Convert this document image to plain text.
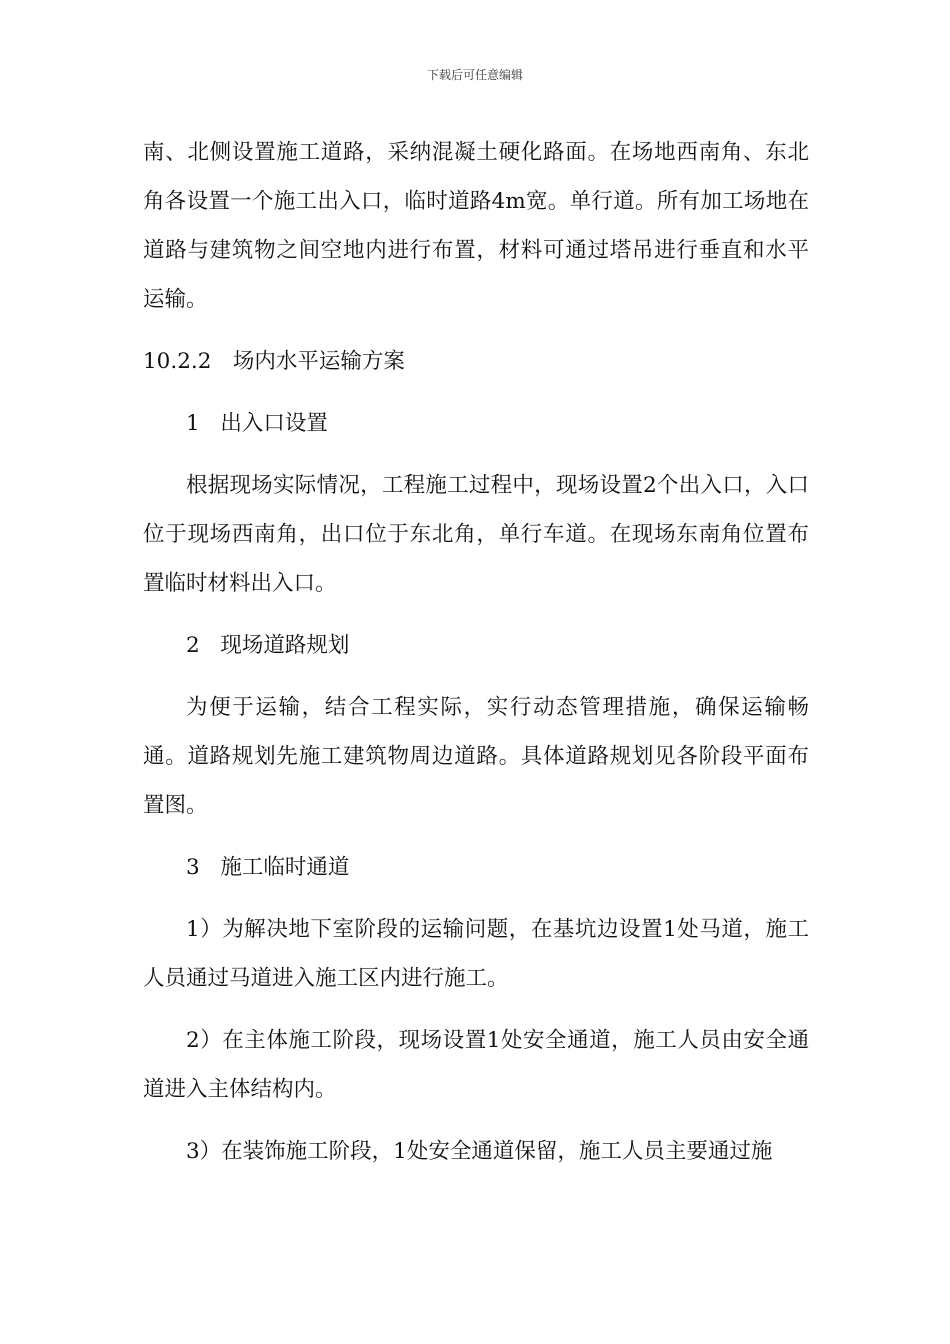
下载后可任意编辑

南、北侧设置施工道路，采纳混凝土硬化路面。在场地西南角、东北角各设置一个施工出入口，临时道路4m宽。单行道。所有加工场地在道路与建筑物之间空地内进行布置，材料可通过塔吊进行垂直和水平运输。

10.2.2  场内水平运输方案
1 出入口设置

根据现场实际情况，工程施工过程中，现场设置2个出入口，入口位于现场西南角，出口位于东北角，单行车道。在现场东南角位置布置临时材料出入口。

2 现场道路规划

为便于运输，结合工程实际，实行动态管理措施，确保运输畅通。道路规划先施工建筑物周边道路。具体道路规划见各阶段平面布置图。

3 施工临时通道

1）为解决地下室阶段的运输问题，在基坑边设置1处马道，施工人员通过马道进入施工区内进行施工。

2）在主体施工阶段，现场设置1处安全通道，施工人员由安全通道进入主体结构内。

3）在装饰施工阶段，1处安全通道保留，施工人员主要通过施
